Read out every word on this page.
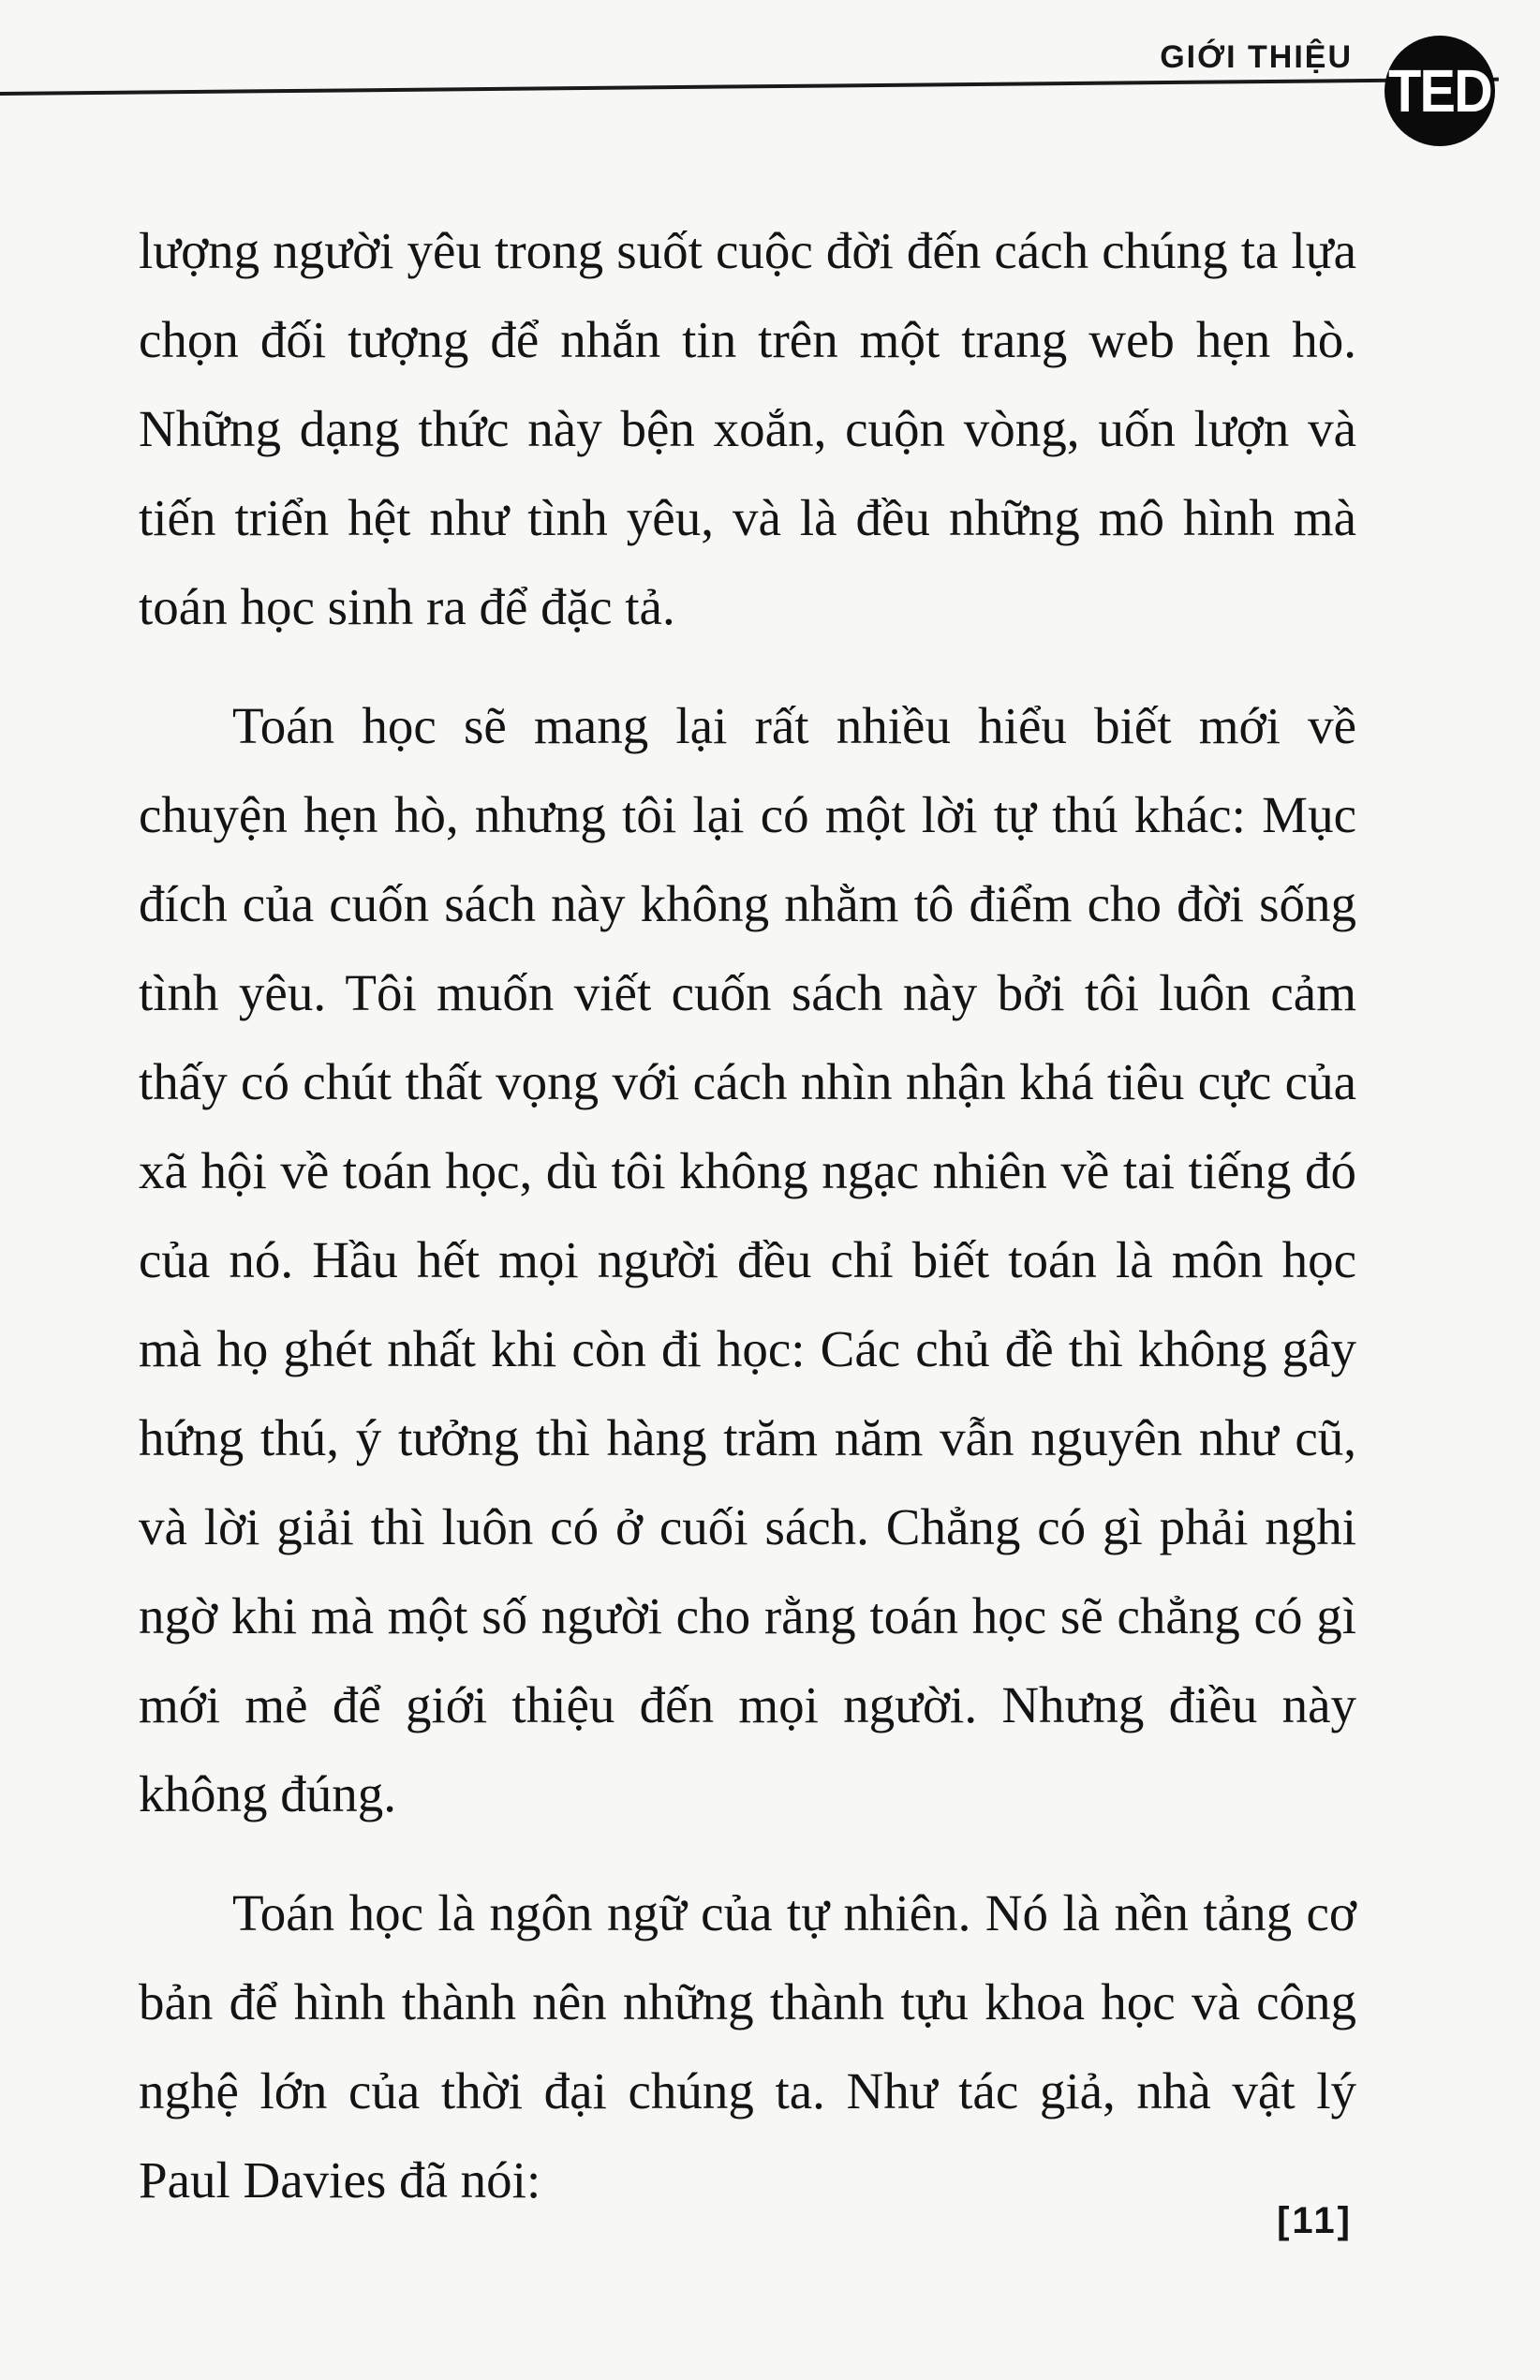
GIỚI THIỆU TED

lượng người yêu trong suốt cuộc đời đến cách chúng ta lựa chọn đối tượng để nhắn tin trên một trang web hẹn hò. Những dạng thức này bện xoắn, cuộn vòng, uốn lượn và tiến triển hệt như tình yêu, và là đều những mô hình mà toán học sinh ra để đặc tả.

Toán học sẽ mang lại rất nhiều hiểu biết mới về chuyện hẹn hò, nhưng tôi lại có một lời tự thú khác: Mục đích của cuốn sách này không nhằm tô điểm cho đời sống tình yêu. Tôi muốn viết cuốn sách này bởi tôi luôn cảm thấy có chút thất vọng với cách nhìn nhận khá tiêu cực của xã hội về toán học, dù tôi không ngạc nhiên về tai tiếng đó của nó. Hầu hết mọi người đều chỉ biết toán là môn học mà họ ghét nhất khi còn đi học: Các chủ đề thì không gây hứng thú, ý tưởng thì hàng trăm năm vẫn nguyên như cũ, và lời giải thì luôn có ở cuối sách. Chẳng có gì phải nghi ngờ khi mà một số người cho rằng toán học sẽ chẳng có gì mới mẻ để giới thiệu đến mọi người. Nhưng điều này không đúng.

Toán học là ngôn ngữ của tự nhiên. Nó là nền tảng cơ bản để hình thành nên những thành tựu khoa học và công nghệ lớn của thời đại chúng ta. Như tác giả, nhà vật lý Paul Davies đã nói:

[11]
